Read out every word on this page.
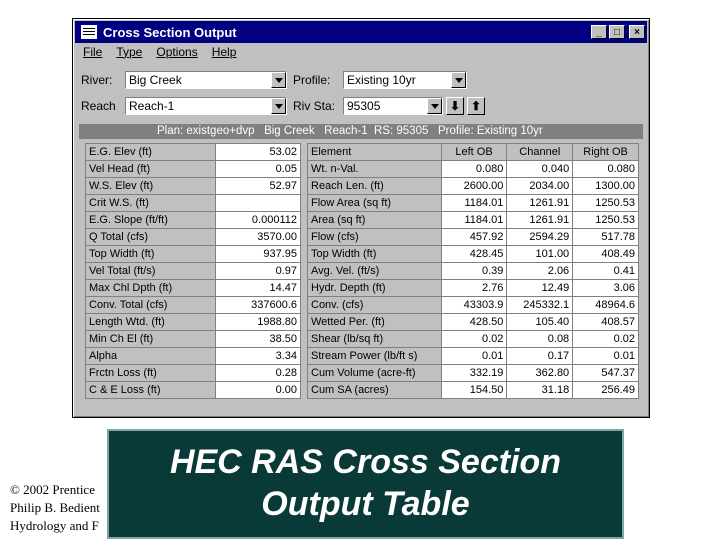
Cross Section Output	_	□	×
File Type Options Help
River:	Big Creek	Profile:	Existing 10yr
Reach	Reach-1	Riv Sta: 95305	⬇ ⬆
Plan: existgeo+dvp   Big Creek   Reach-1  RS: 95305   Profile: Existing 10yr
E.G. Elev (ft)	53.02
Vel Head (ft)	0.05
W.S. Elev (ft)	52.97
Crit W.S. (ft)	
E.G. Slope (ft/ft)	0.000112
Q Total (cfs)	3570.00
Top Width (ft)	937.95
Vel Total (ft/s)	0.97
Max Chl Dpth (ft)	14.47
Conv. Total (cfs)	337600.6
Length Wtd. (ft)	1988.80
Min Ch El (ft)	38.50
Alpha	3.34
Frctn Loss (ft)	0.28
C & E Loss (ft)	0.00
Element	Left OB	Channel	Right OB
Wt. n-Val.	0.080	0.040	0.080
Reach Len. (ft)	2600.00	2034.00	1300.00
Flow Area (sq ft)	1184.01	1261.91	1250.53
Area (sq ft)	1184.01	1261.91	1250.53
Flow (cfs)	457.92	2594.29	517.78
Top Width (ft)	428.45	101.00	408.49
Avg. Vel. (ft/s)	0.39	2.06	0.41
Hydr. Depth (ft)	2.76	12.49	3.06
Conv. (cfs)	43303.9	245332.1	48964.6
Wetted Per. (ft)	428.50	105.40	408.57
Shear (lb/sq ft)	0.02	0.08	0.02
Stream Power (lb/ft s)	0.01	0.17	0.01
Cum Volume (acre-ft)	332.19	362.80	547.37
Cum SA (acres)	154.50	31.18	256.49
HEC RAS Cross Section
Output Table
© 2002 Prentice
Philip B. Bedient
Hydrology and F
